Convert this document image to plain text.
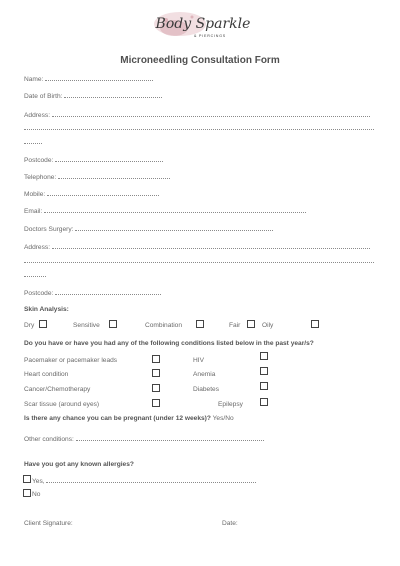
Body Sparkle
& PIERCINGS
Microneedling Consultation Form
Name:
Date of Birth:
Address:
Postcode:
Telephone:
Mobile:
Email:
Doctors Surgery:
Address:
Postcode:
Skin Analysis:
Dry	Sensitive	Combination	Fair	Oily
Do you have or have you had any of the following conditions listed below in the past year/s?
Pacemaker or pacemaker leads	HIV
Heart condition	Anemia
Cancer/Chemotherapy	Diabetes
Scar tissue (around eyes)	Epilepsy
Is there any chance you can be pregnant (under 12 weeks)? Yes/No
Other conditions:
Have you got any known allergies?
Yes,
No
Client Signature:	Date:
